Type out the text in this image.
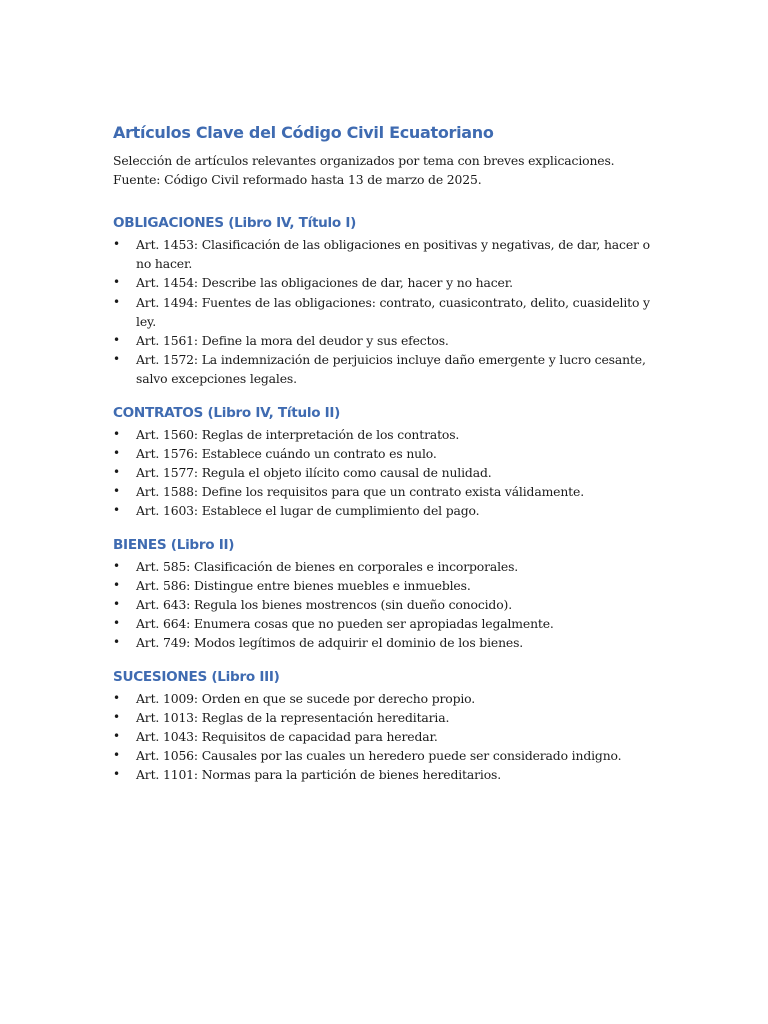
Artículos Clave del Código Civil Ecuatoriano

Selección de artículos relevantes organizados por tema con breves explicaciones. Fuente: Código Civil reformado hasta 13 de marzo de 2025.

OBLIGACIONES (Libro IV, Título I)
• Art. 1453: Clasificación de las obligaciones en positivas y negativas, de dar, hacer o no hacer.
• Art. 1454: Describe las obligaciones de dar, hacer y no hacer.
• Art. 1494: Fuentes de las obligaciones: contrato, cuasicontrato, delito, cuasidelito y ley.
• Art. 1561: Define la mora del deudor y sus efectos.
• Art. 1572: La indemnización de perjuicios incluye daño emergente y lucro cesante, salvo excepciones legales.
CONTRATOS (Libro IV, Título II)
• Art. 1560: Reglas de interpretación de los contratos.
• Art. 1576: Establece cuándo un contrato es nulo.
• Art. 1577: Regula el objeto ilícito como causal de nulidad.
• Art. 1588: Define los requisitos para que un contrato exista válidamente.
• Art. 1603: Establece el lugar de cumplimiento del pago.
BIENES (Libro II)
• Art. 585: Clasificación de bienes en corporales e incorporales.
• Art. 586: Distingue entre bienes muebles e inmuebles.
• Art. 643: Regula los bienes mostrencos (sin dueño conocido).
• Art. 664: Enumera cosas que no pueden ser apropiadas legalmente.
• Art. 749: Modos legítimos de adquirir el dominio de los bienes.
SUCESIONES (Libro III)
• Art. 1009: Orden en que se sucede por derecho propio.
• Art. 1013: Reglas de la representación hereditaria.
• Art. 1043: Requisitos de capacidad para heredar.
• Art. 1056: Causales por las cuales un heredero puede ser considerado indigno.
• Art. 1101: Normas para la partición de bienes hereditarios.
